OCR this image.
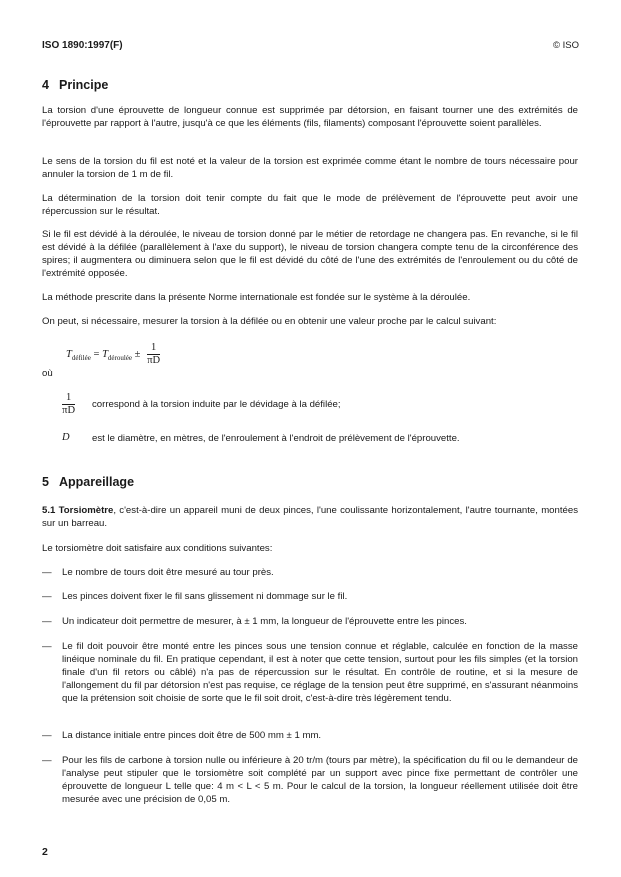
ISO 1890:1997(F)	© ISO
4 Principe

La torsion d'une éprouvette de longueur connue est supprimée par détorsion, en faisant tourner une des extrémités de l'éprouvette par rapport à l'autre, jusqu'à ce que les éléments (fils, filaments) composant l'éprouvette soient parallèles.

Le sens de la torsion du fil est noté et la valeur de la torsion est exprimée comme étant le nombre de tours nécessaire pour annuler la torsion de 1 m de fil.

La détermination de la torsion doit tenir compte du fait que le mode de prélèvement de l'éprouvette peut avoir une répercussion sur le résultat.

Si le fil est dévidé à la déroulée, le niveau de torsion donné par le métier de retordage ne changera pas. En revanche, si le fil est dévidé à la défilée (parallèlement à l'axe du support), le niveau de torsion changera compte tenu de la circonférence des spires; il augmentera ou diminuera selon que le fil est dévidé du côté de l'une des extrémités de l'enroulement ou du côté de l'extrémité opposée.

La méthode prescrite dans la présente Norme internationale est fondée sur le système à la déroulée.

On peut, si nécessaire, mesurer la torsion à la défilée ou en obtenir une valeur proche par le calcul suivant:

$T_{défilée} = T_{déroulée} \pm \frac{1}{\pi D}$
où
$\frac{1}{\pi D}$ correspond à la torsion induite par le dévidage à la défilée;
D est le diamètre, en mètres, de l'enroulement à l'endroit de prélèvement de l'éprouvette.
5 Appareillage

5.1 Torsiomètre, c'est-à-dire un appareil muni de deux pinces, l'une coulissante horizontalement, l'autre tournante, montées sur un barreau.

Le torsiomètre doit satisfaire aux conditions suivantes:

— Le nombre de tours doit être mesuré au tour près.
— Les pinces doivent fixer le fil sans glissement ni dommage sur le fil.
— Un indicateur doit permettre de mesurer, à ± 1 mm, la longueur de l'éprouvette entre les pinces.
— Le fil doit pouvoir être monté entre les pinces sous une tension connue et réglable, calculée en fonction de la masse linéique nominale du fil. En pratique cependant, il est à noter que cette tension, surtout pour les fils simples (et la torsion finale d'un fil retors ou câblé) n'a pas de répercussion sur le résultat. En contrôle de routine, et si la mesure de l'allongement du fil par détorsion n'est pas requise, ce réglage de la tension peut être supprimé, en s'assurant néanmoins que la prétension soit choisie de sorte que le fil soit droit, c'est-à-dire très légèrement tendu.
— La distance initiale entre pinces doit être de 500 mm ± 1 mm.
— Pour les fils de carbone à torsion nulle ou inférieure à 20 tr/m (tours par mètre), la spécification du fil ou le demandeur de l'analyse peut stipuler que le torsiomètre soit complété par un support avec pince fixe permettant de contrôler une éprouvette de longueur L telle que: 4 m < L < 5 m. Pour le calcul de la torsion, la longueur réellement utilisée doit être mesurée avec une précision de 0,05 m.
2
